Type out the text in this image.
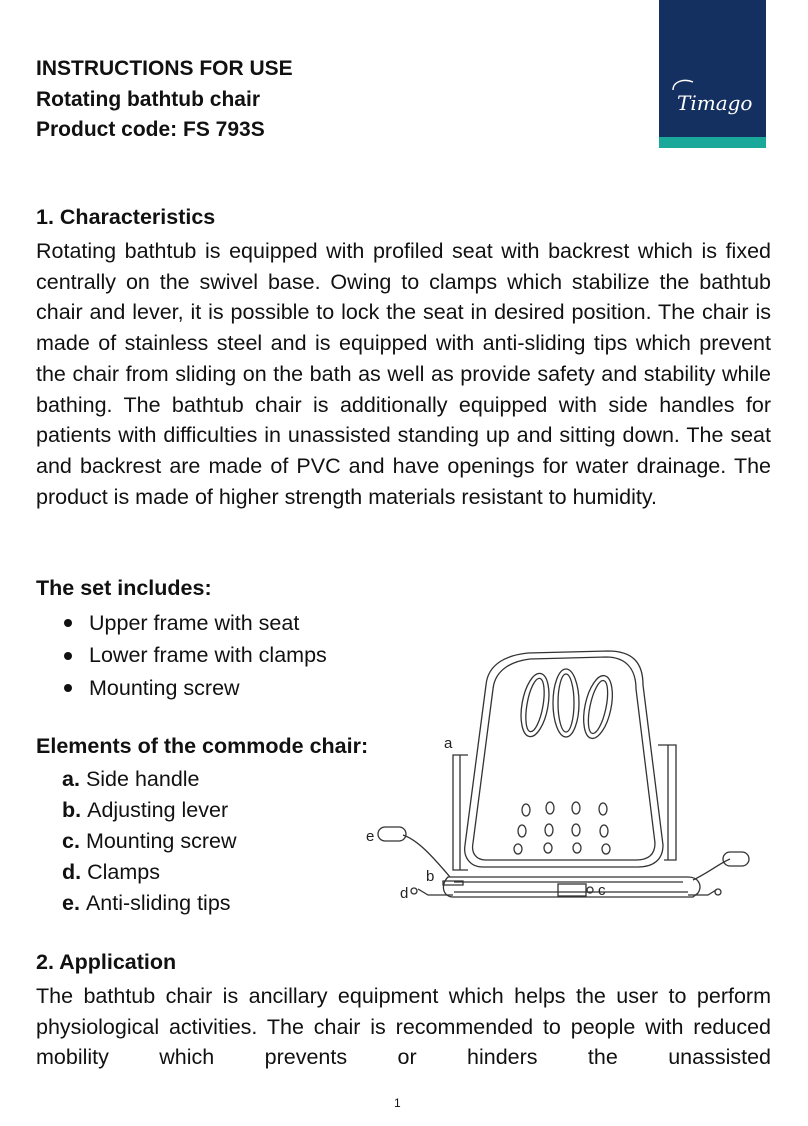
Timago
INSTRUCTIONS FOR USE
Rotating bathtub chair
Product code: FS 793S
1. Characteristics
Rotating bathtub is equipped with profiled seat with backrest which is fixed centrally on the swivel base. Owing to clamps which stabilize the bathtub chair and lever, it is possible to lock the seat in desired position. The chair is made of stainless steel and is equipped with anti-sliding tips which prevent the chair from sliding on the bath as well as provide safety and stability while bathing. The bathtub chair is additionally equipped with side handles for patients with difficulties in unassisted standing up and sitting down. The seat and backrest are made of PVC and have openings for water drainage. The product is made of higher strength materials resistant to humidity.
The set includes:
Upper frame with seat
Lower frame with clamps
Mounting screw
Elements of the commode chair:
a. Side handle
b. Adjusting lever
c. Mounting screw
d. Clamps
e. Anti-sliding tips
a
b
c
d
e
2. Application
The bathtub chair is ancillary equipment which helps the user to perform physiological activities. The chair is recommended to people with reduced mobility which prevents or hinders the unassisted
1
